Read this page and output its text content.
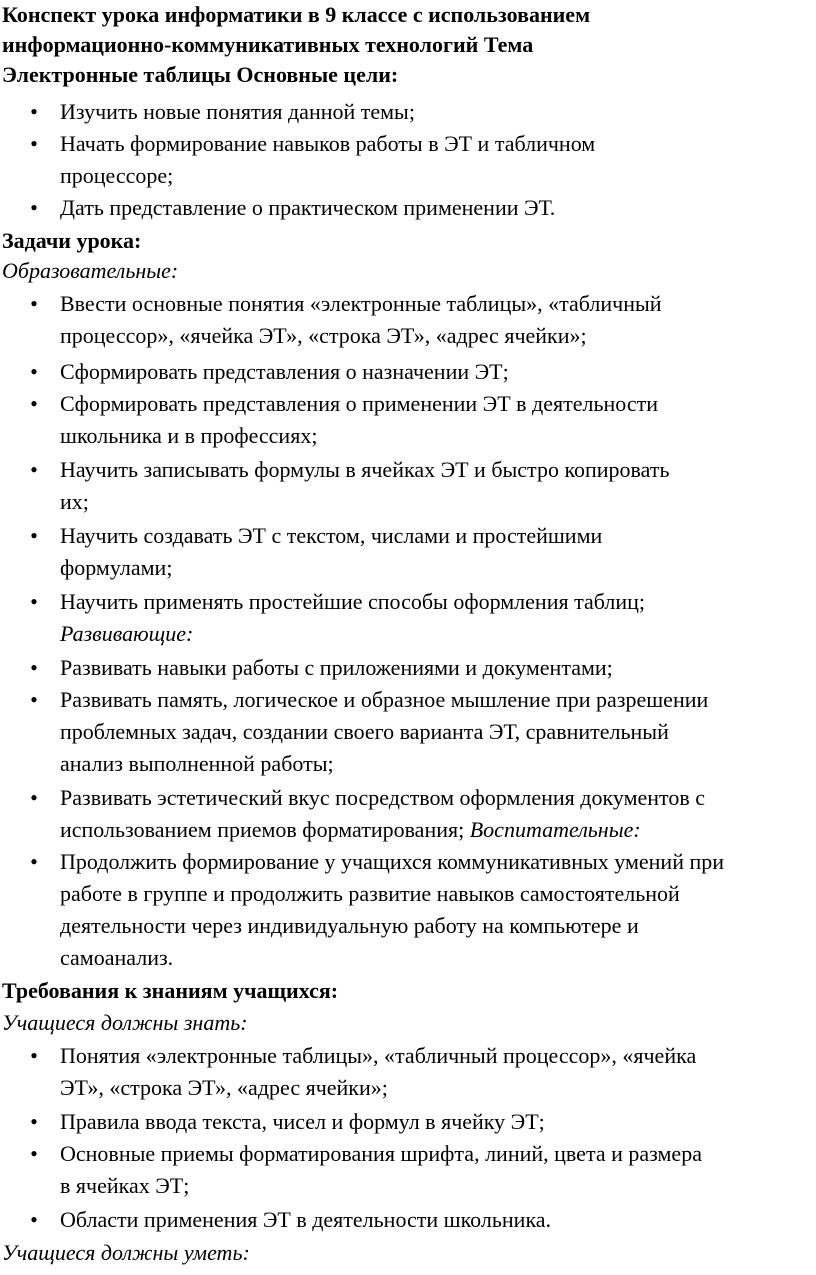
Конспект урока информатики в 9 классе с использованием
информационно-коммуникативных технологий Тема
Электронные таблицы Основные цели:
• Изучить новые понятия данной темы;
• Начать формирование навыков работы в ЭТ и табличном
процессоре;
• Дать представление о практическом применении ЭТ.
Задачи урока:
Образовательные:
• Ввести основные понятия «электронные таблицы», «табличный
процессор», «ячейка ЭТ», «строка ЭТ», «адрес ячейки»;
• Сформировать представления о назначении ЭТ;
• Сформировать представления о применении ЭТ в деятельности
школьника и в профессиях;
• Научить записывать формулы в ячейках ЭТ и быстро копировать
их;
• Научить создавать ЭТ с текстом, числами и простейшими
формулами;
• Научить применять простейшие способы оформления таблиц;
Развивающие:
• Развивать навыки работы с приложениями и документами;
• Развивать память, логическое и образное мышление при разрешении
проблемных задач, создании своего варианта ЭТ, сравнительный
анализ выполненной работы;
• Развивать эстетический вкус посредством оформления документов с
использованием приемов форматирования; Воспитательные:
• Продолжить формирование у учащихся коммуникативных умений при
работе в группе и продолжить развитие навыков самостоятельной
деятельности через индивидуальную работу на компьютере и
самоанализ.
Требования к знаниям учащихся:
Учащиеся должны знать:
• Понятия «электронные таблицы», «табличный процессор», «ячейка
ЭТ», «строка ЭТ», «адрес ячейки»;
• Правила ввода текста, чисел и формул в ячейку ЭТ;
• Основные приемы форматирования шрифта, линий, цвета и размера
в ячейках ЭТ;
• Области применения ЭТ в деятельности школьника.
Учащиеся должны уметь:
